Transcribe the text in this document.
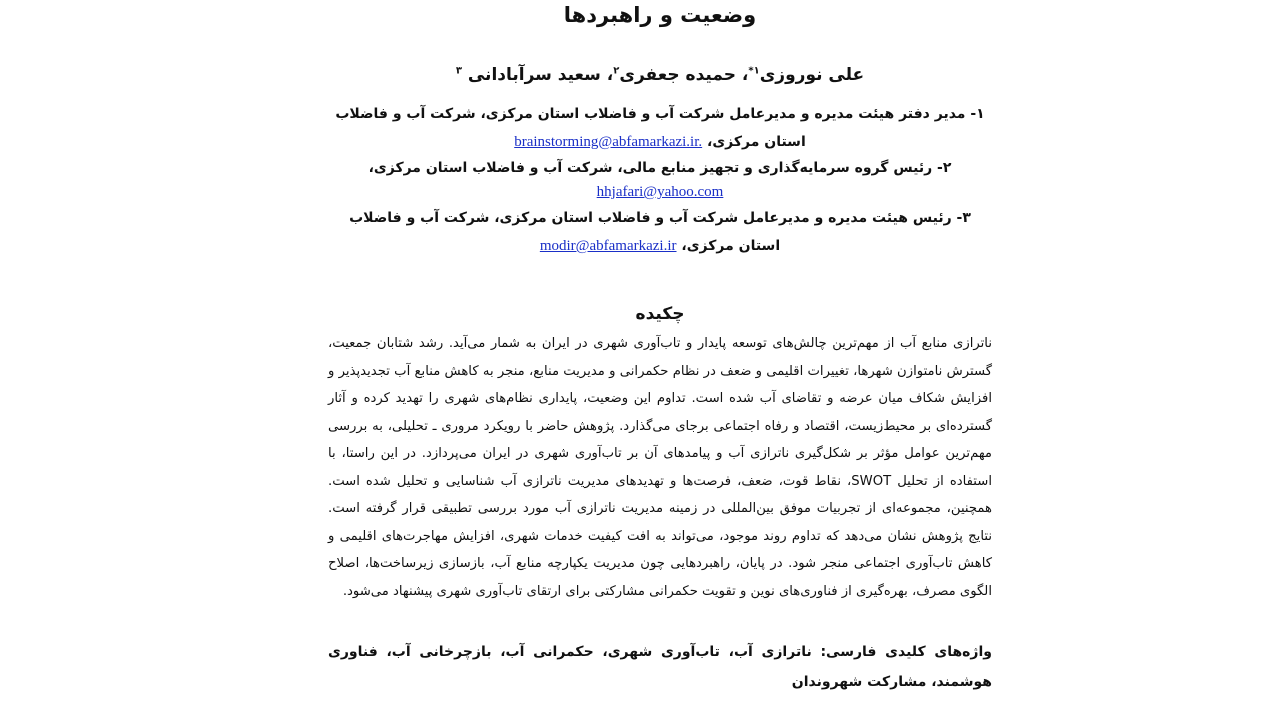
وضعیت و راهبردها
علی نوروزی$^{۱*}$، حمیده جعفری$^۲$، سعید سرآبادانی $^۳$

۱- مدیر دفتر هیئت مدیره و مدیرعامل شرکت آب و فاضلاب استان مرکزی، شرکت آب و فاضلاب استان مرکزی، brainstorming@abfamarkazi.ir.

۲- رئیس گروه سرمایه‌گذاری و تجهیز منابع مالی، شرکت آب و فاضلاب استان مرکزی،
hhjafari@yahoo.com

۳- رئیس هیئت مدیره و مدیرعامل شرکت آب و فاضلاب استان مرکزی، شرکت آب و فاضلاب استان مرکزی، modir@abfamarkazi.ir

چکیده
ناترازی منابع آب از مهم‌ترین چالش‌های توسعه پایدار و تاب‌آوری شهری در ایران به شمار می‌آید. رشد شتابان جمعیت، گسترش نامتوازن شهرها، تغییرات اقلیمی و ضعف در نظام حکمرانی و مدیریت منابع، منجر به کاهش منابع آب تجدیدپذیر و افزایش شکاف میان عرضه و تقاضای آب شده است. تداوم این وضعیت، پایداری نظام‌های شهری را تهدید کرده و آثار گسترده‌ای بر محیط‌زیست، اقتصاد و رفاه اجتماعی برجای می‌گذارد. پژوهش حاضر با رویکرد مروری ـ تحلیلی، به بررسی مهم‌ترین عوامل مؤثر بر شکل‌گیری ناترازی آب و پیامدهای آن بر تاب‌آوری شهری در ایران می‌پردازد. در این راستا، با استفاده از تحلیل SWOT، نقاط قوت، ضعف، فرصت‌ها و تهدیدهای مدیریت ناترازی آب شناسایی و تحلیل شده است. همچنین، مجموعه‌ای از تجربیات موفق بین‌المللی در زمینه مدیریت ناترازی آب مورد بررسی تطبیقی قرار گرفته است. نتایج پژوهش نشان می‌دهد که تداوم روند موجود، می‌تواند به افت کیفیت خدمات شهری، افزایش مهاجرت‌های اقلیمی و کاهش تاب‌آوری اجتماعی منجر شود. در پایان، راهبردهایی چون مدیریت یکپارچه منابع آب، بازسازی زیرساخت‌ها، اصلاح الگوی مصرف، بهره‌گیری از فناوری‌های نوین و تقویت حکمرانی مشارکتی برای ارتقای تاب‌آوری شهری پیشنهاد می‌شود.
واژه‌های کلیدی فارسی: ناترازی آب، تاب‌آوری شهری، حکمرانی آب، بازچرخانی آب، فناوری هوشمند، مشارکت شهروندان
